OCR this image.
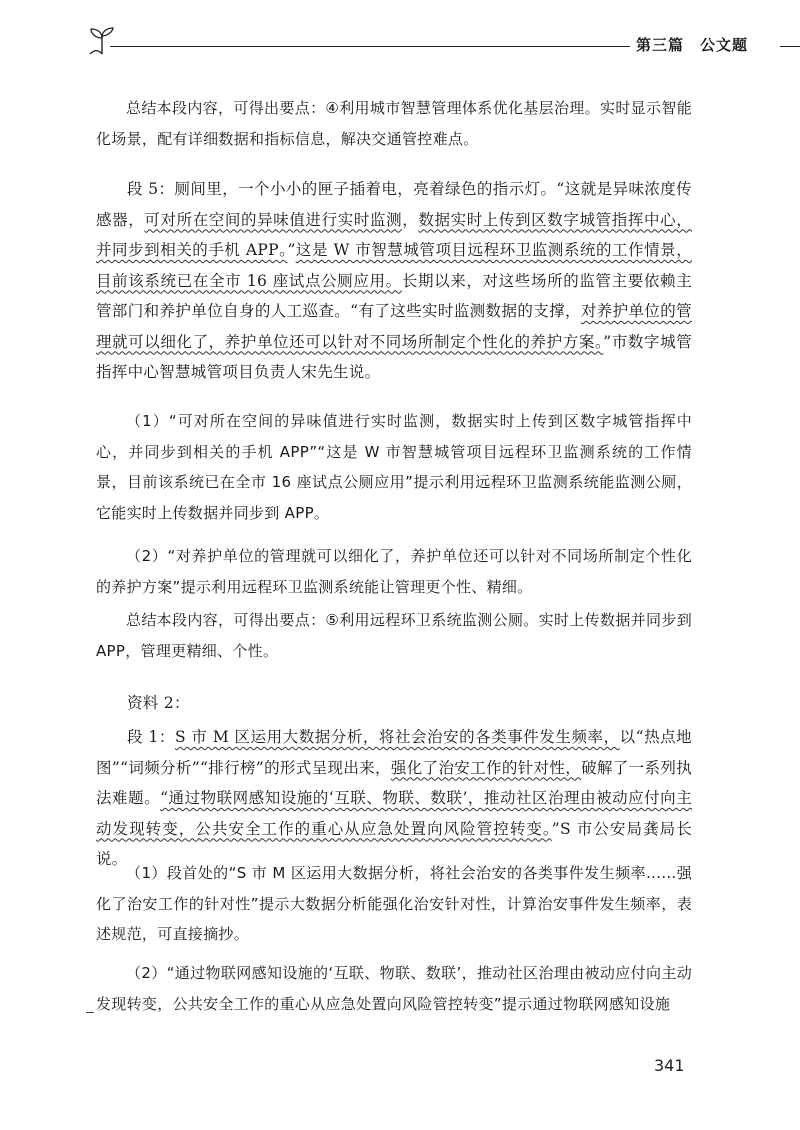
第三篇　公文题

总结本段内容，可得出要点：④利用城市智慧管理体系优化基层治理。实时显示智能化场景，配有详细数据和指标信息，解决交通管控难点。

段 5：厕间里，一个小小的匣子插着电，亮着绿色的指示灯。“这就是异味浓度传感器，可对所在空间的异味值进行实时监测，数据实时上传到区数字城管指挥中心，并同步到相关的手机 APP。”这是 W 市智慧城管项目远程环卫监测系统的工作情景，目前该系统已在全市 16 座试点公厕应用。长期以来，对这些场所的监管主要依赖主管部门和养护单位自身的人工巡查。“有了这些实时监测数据的支撑，对养护单位的管理就可以细化了，养护单位还可以针对不同场所制定个性化的养护方案。”市数字城管指挥中心智慧城管项目负责人宋先生说。

（1）“可对所在空间的异味值进行实时监测，数据实时上传到区数字城管指挥中心，并同步到相关的手机 APP”“这是 W 市智慧城管项目远程环卫监测系统的工作情景，目前该系统已在全市 16 座试点公厕应用”提示利用远程环卫监测系统能监测公厕，它能实时上传数据并同步到 APP。

（2）“对养护单位的管理就可以细化了，养护单位还可以针对不同场所制定个性化的养护方案”提示利用远程环卫监测系统能让管理更个性、精细。

总结本段内容，可得出要点：⑤利用远程环卫系统监测公厕。实时上传数据并同步到 APP，管理更精细、个性。

资料 2：

段 1：S 市 M 区运用大数据分析，将社会治安的各类事件发生频率，以“热点地图”“词频分析”“排行榜”的形式呈现出来，强化了治安工作的针对性，破解了一系列执法难题。“通过物联网感知设施的‘互联、物联、数联’，推动社区治理由被动应付向主动发现转变，公共安全工作的重心从应急处置向风险管控转变。”S 市公安局龚局长说。

（1）段首处的“S 市 M 区运用大数据分析，将社会治安的各类事件发生频率……强化了治安工作的针对性”提示大数据分析能强化治安针对性，计算治安事件发生频率，表述规范，可直接摘抄。

（2）“通过物联网感知设施的‘互联、物联、数联’，推动社区治理由被动应付向主动发现转变，公共安全工作的重心从应急处置向风险管控转变”提示通过物联网感知设施

341
